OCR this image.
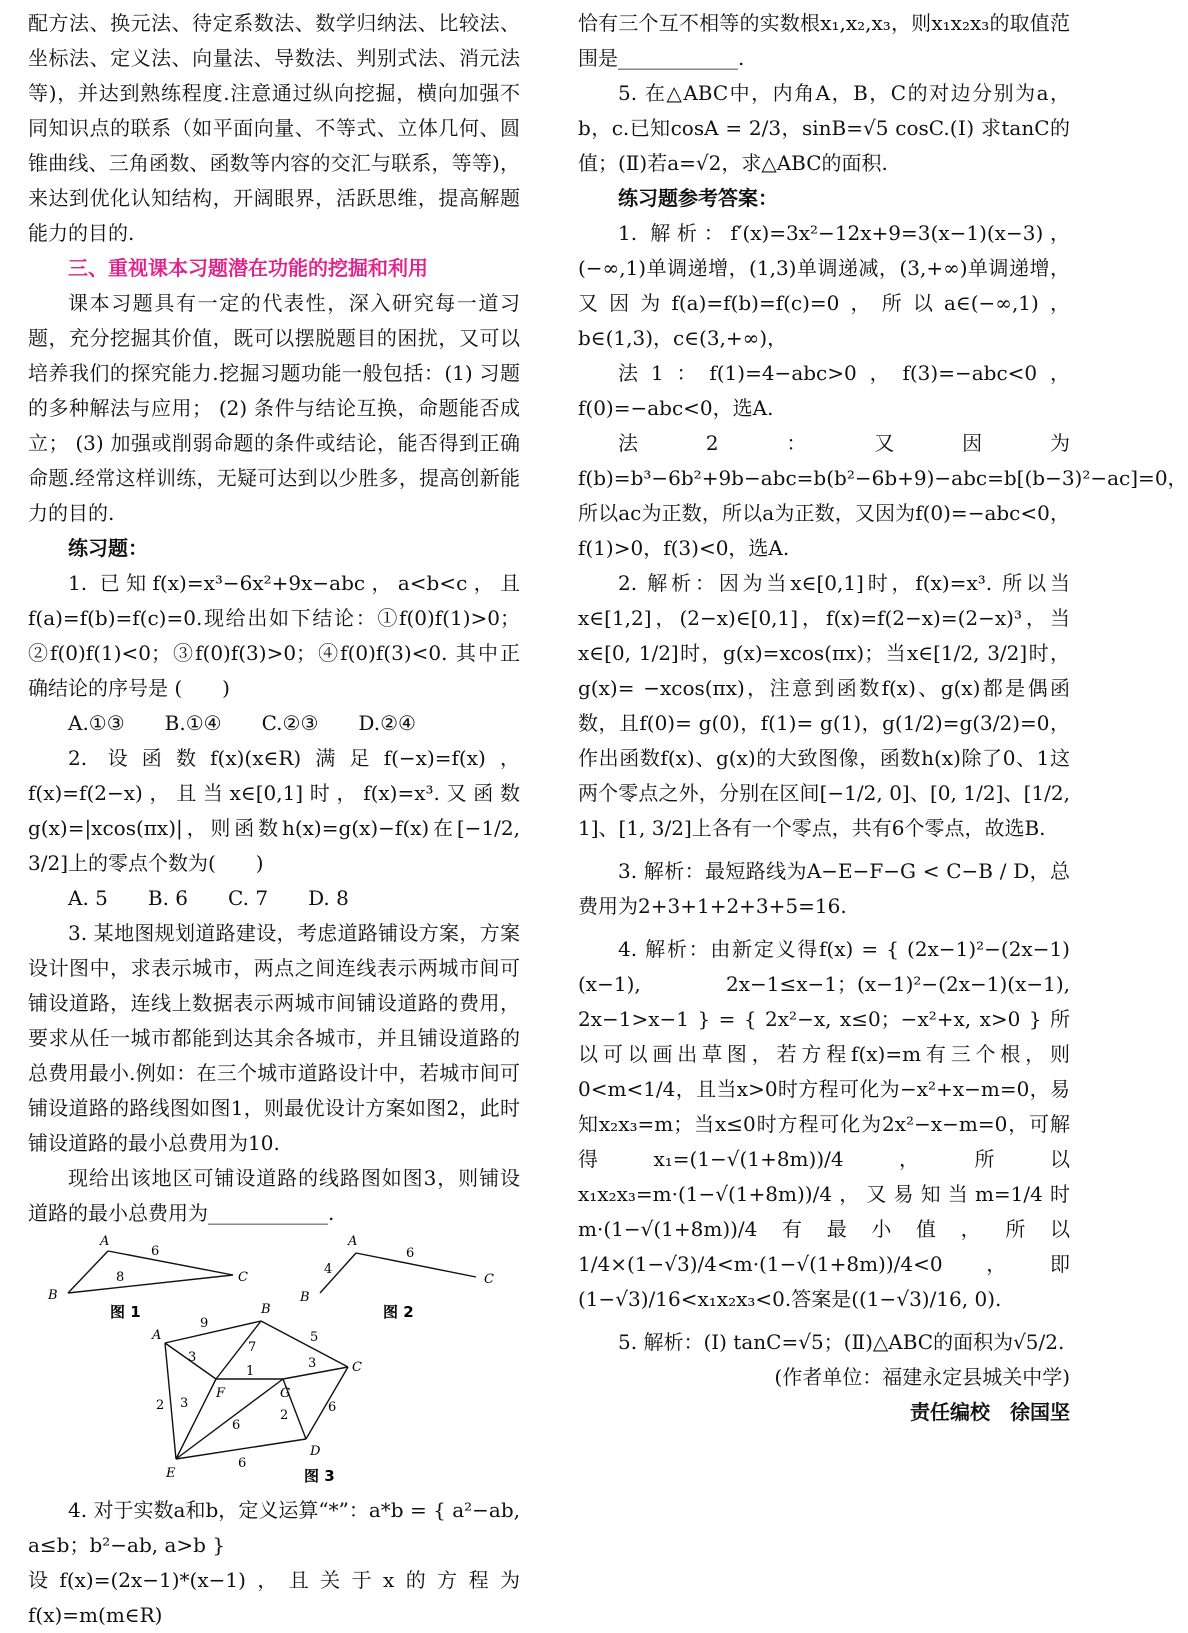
配方法、换元法、待定系数法、数学归纳法、比较法、坐标法、定义法、向量法、导数法、判别式法、消元法等)，并达到熟练程度.注意通过纵向挖掘，横向加强不同知识点的联系（如平面向量、不等式、立体几何、圆锥曲线、三角函数、函数等内容的交汇与联系，等等)，来达到优化认知结构，开阔眼界，活跃思维，提高解题能力的目的.

三、重视课本习题潜在功能的挖掘和利用

课本习题具有一定的代表性，深入研究每一道习题，充分挖掘其价值，既可以摆脱题目的困扰，又可以培养我们的探究能力.挖掘习题功能一般包括：(1) 习题的多种解法与应用； (2) 条件与结论互换，命题能否成立； (3) 加强或削弱命题的条件或结论，能否得到正确命题.经常这样训练，无疑可达到以少胜多，提高创新能力的目的.

练习题：

1. 已知f(x)=x³−6x²+9x−abc，a<b<c，且f(a)=f(b)=f(c)=0.现给出如下结论：①f(0)f(1)>0；②f(0)f(1)<0；③f(0)f(3)>0；④f(0)f(3)<0. 其中正确结论的序号是 (　　)

A.①③ B.①④ C.②③ D.②④

2. 设函数f(x)(x∈R)满足f(−x)=f(x)，f(x)=f(2−x)，且当x∈[0,1]时，f(x)=x³.又函数g(x)=|xcos(πx)|，则函数h(x)=g(x)−f(x)在[−1/2, 3/2]上的零点个数为(　　)

A. 5 B. 6 C. 7 D. 8

3. 某地图规划道路建设，考虑道路铺设方案，方案设计图中，求表示城市，两点之间连线表示两城市间可铺设道路，连线上数据表示两城市间铺设道路的费用，要求从任一城市都能到达其余各城市，并且铺设道路的总费用最小.例如：在三个城市道路设计中，若城市间可铺设道路的路线图如图1，则最优设计方案如图2，此时铺设道路的最小总费用为10.

现给出该地区可铺设道路的线路图如图3，则铺设道路的最小总费用为____________.

A
B
C
6
8
图 1
A
B
C
6
4
图 2
A
B
C
D
E
F	G
9
5
3
7
1
3
2
3	6
6
2
6
图 3

4. 对于实数a和b，定义运算“*”：a*b = { a²−ab, a≤b；b²−ab, a>b }

设f(x)=(2x−1)*(x−1)，且关于x的方程为f(x)=m(m∈R)

恰有三个互不相等的实数根x₁,x₂,x₃，则x₁x₂x₃的取值范围是____________.

5. 在△ABC中，内角A，B，C的对边分别为a，b，c.已知cosA = 2/3，sinB=√5 cosC.(Ⅰ) 求tanC的值；(Ⅱ)若a=√2，求△ABC的面积.

练习题参考答案：

1. 解析：f′(x)=3x²−12x+9=3(x−1)(x−3)，(−∞,1)单调递增，(1,3)单调递减，(3,+∞)单调递增，又因为f(a)=f(b)=f(c)=0，所以a∈(−∞,1)，b∈(1,3)，c∈(3,+∞)，

法1：f(1)=4−abc>0，f(3)=−abc<0，f(0)=−abc<0，选A.

法2：又因为f(b)=b³−6b²+9b−abc=b(b²−6b+9)−abc=b[(b−3)²−ac]=0，所以ac为正数，所以a为正数，又因为f(0)=−abc<0，f(1)>0，f(3)<0，选A.

2. 解析：因为当x∈[0,1]时，f(x)=x³. 所以当x∈[1,2]，(2−x)∈[0,1]，f(x)=f(2−x)=(2−x)³，当x∈[0, 1/2]时，g(x)=xcos(πx)；当x∈[1/2, 3/2]时，g(x)= −xcos(πx)，注意到函数f(x)、g(x)都是偶函数，且f(0)= g(0)，f(1)= g(1)，g(1/2)=g(3/2)=0，作出函数f(x)、g(x)的大致图像，函数h(x)除了0、1这两个零点之外，分别在区间[−1/2, 0]、[0, 1/2]、[1/2, 1]、[1, 3/2]上各有一个零点，共有6个零点，故选B.

3. 解析：最短路线为A−E−F−G < C−B / D，总费用为2+3+1+2+3+5=16.

4. 解析：由新定义得f(x) = { (2x−1)²−(2x−1)(x−1), 2x−1≤x−1；(x−1)²−(2x−1)(x−1), 2x−1>x−1 } = { 2x²−x, x≤0；−x²+x, x>0 } 所以可以画出草图，若方程f(x)=m有三个根，则0<m<1/4，且当x>0时方程可化为−x²+x−m=0，易知x₂x₃=m；当x≤0时方程可化为2x²−x−m=0，可解得x₁=(1−√(1+8m))/4，所以x₁x₂x₃=m·(1−√(1+8m))/4，又易知当m=1/4时m·(1−√(1+8m))/4有最小值，所以1/4×(1−√3)/4<m·(1−√(1+8m))/4<0，即(1−√3)/16<x₁x₂x₃<0.答案是((1−√3)/16, 0).

5. 解析：(Ⅰ) tanC=√5；(Ⅱ)△ABC的面积为√5/2.

(作者单位：福建永定县城关中学)

责任编校　徐国坚
